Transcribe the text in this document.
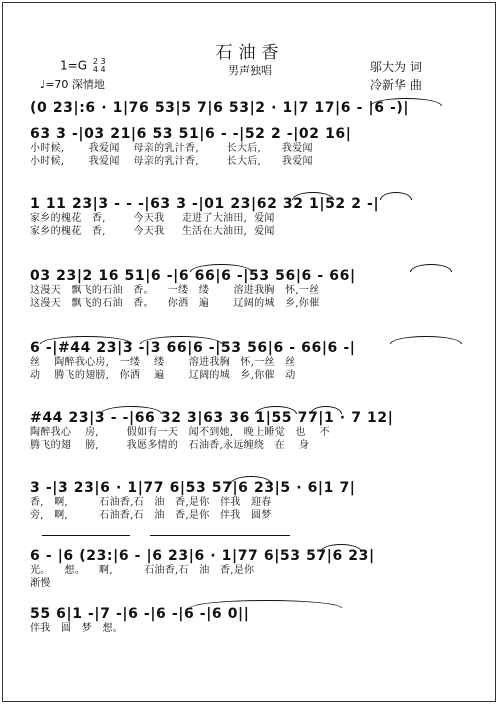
石油香
男声独唱
1=G 2 3
4 4
♩=70 深情地
邬大为 词
冷新华 曲
(0 23|:6 · 1|76 53|5 7|6 53|2 · 1|7 17|6 - |6 -)|
63 3 -|03 21|6 53 51|6 - -|52 2 -|02 16|
小时候,       我爱闻    母亲的乳汁香,        长大后,      我爱闻
小时候,       我爱闻    母亲的乳汁香,        长大后,      我爱闻
1 11 23|3 - - -|63 3 -|01 23|62 32 1|52 2 -|
家乡的槐花   香,        今天我     走进了大油田,  爱闻
家乡的槐花   香,        今天我     生活在大油田,  爱闻
03 23|2 16 51|6 -|6 66|6 -|53 56|6 - 66|
这漫天   飘飞的石油   香。    一缕   缕       溶进我胸   怀,一丝
这漫天   飘飞的石油   香。    你洒   遍       辽阔的城   乡,你催
6 -|#44 23|3 -|3 66|6 -|53 56|6 - 66|6 -|
丝    陶醉我心房,   一缕    缕       溶进我胸   怀,一丝   丝
动    腾飞的翅膀,   你洒    遍       辽阔的城   乡,你催   动
#44 23|3 - -|66 32 3|63 36 1|55 77|1 · 7 12|
陶醉我心    房,        假如有一天   闻不到她,   晚上睡觉   也    不
腾飞的翅    膀,        我愿多情的   石油香,永远缠绕   在    身
3 -|3 23|6 · 1|77 6|53 57|6 23|5 · 6|1 7|
香,   啊,         石油香,石   油   香,是你   伴我   迎春
旁,   啊,         石油香,石   油   香,是你   伴我   圆梦
6 - |6 (23:|6 - |6 23|6 · 1|77 6|53 57|6 23|
光。    想。    啊,         石油香,石   油   香,是你
渐慢
55 6|1 -|7 -|6 -|6 -|6 -|6 0||
伴我   圆   梦   想。
